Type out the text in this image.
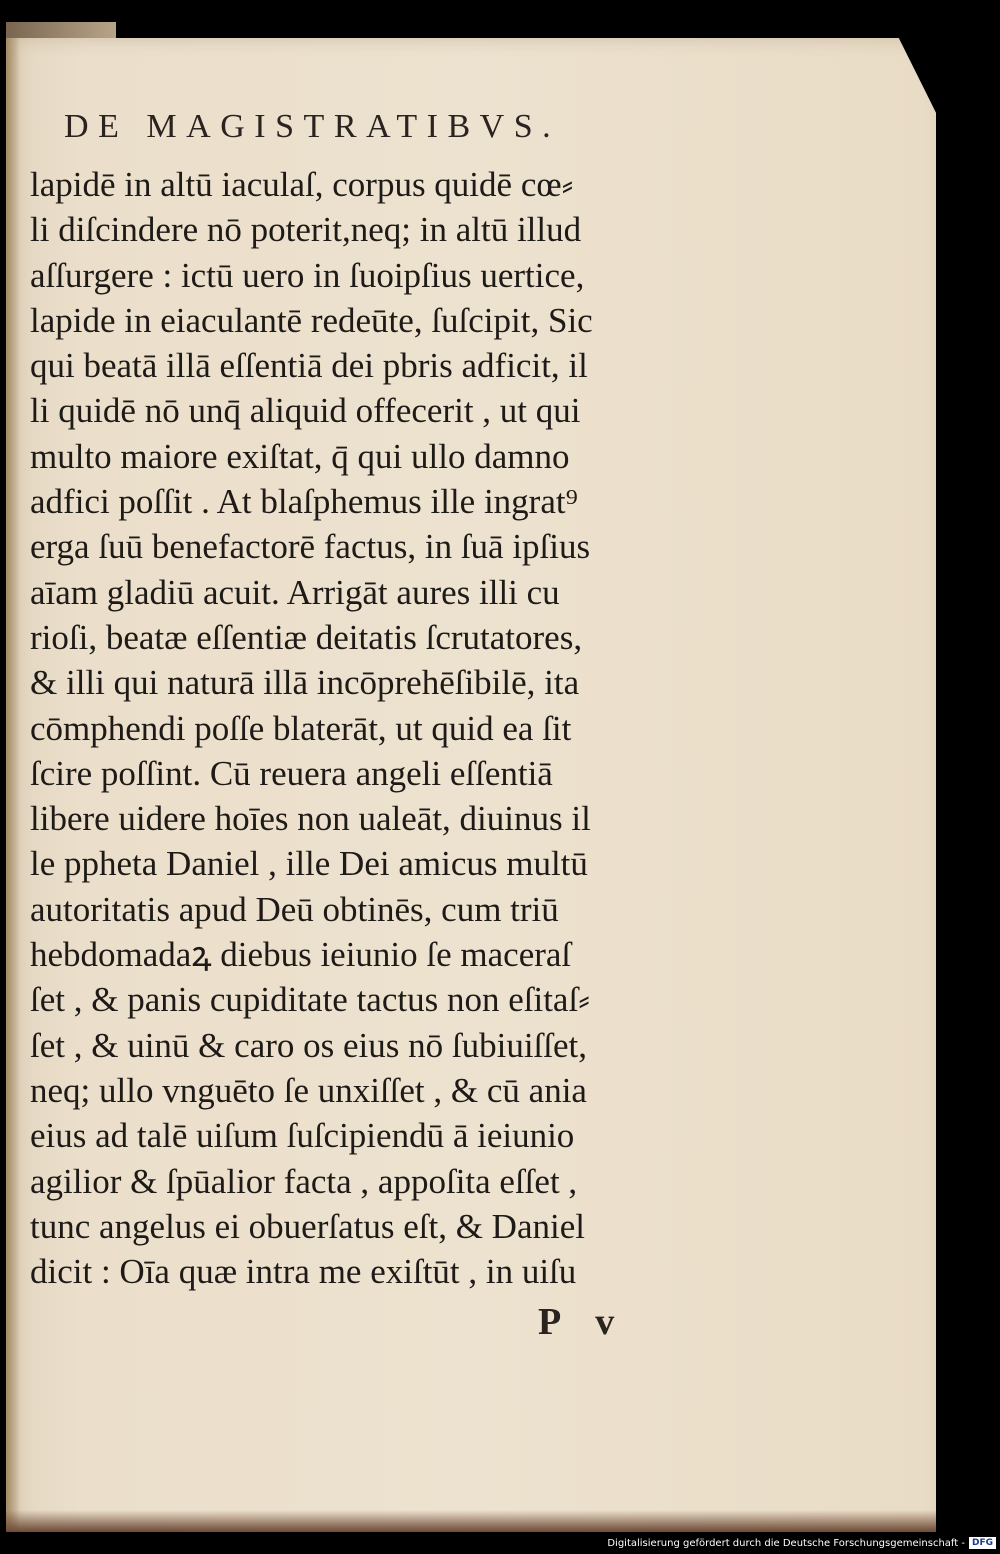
DE MAGISTRATIBVS.
lapidē in altū iaculaſ, corpus quidē cœ⸗
li diſcindere nō poterit,neq; in altū illud
aſſurgere : ictū uero in ſuoipſius uertice,
lapide in eiaculantē redeūte, ſuſcipit, Sic
qui beatā illā eſſentiā dei pbris adficit, il
li quidē nō unq̄ aliquid offecerit , ut qui
multo maiore exiſtat, q̄ qui ullo damno
adfici poſſit . At blaſphemus ille ingrat⁹
erga ſuū benefactorē factus, in ſuā ipſius
aīam gladiū acuit. Arrigāt aures illi cu
rioſi, beatæ eſſentiæ deitatis ſcrutatores,
& illi qui naturā illā incōprehēſibilē, ita
cōmphendi poſſe blaterāt, ut quid ea ſit
ſcire poſſint. Cū reuera angeli eſſentiā
libere uidere hoīes non ualeāt, diuinus il
le ppheta Daniel , ille Dei amicus multū
autoritatis apud Deū obtinēs, cum triū
hebdomadaꝝ diebus ieiunio ſe maceraſ
ſet , & panis cupiditate tactus non eſitaſ⸗
ſet , & uinū & caro os eius nō ſubiuiſſet,
neq; ullo vnguēto ſe unxiſſet , & cū ania
eius ad talē uiſum ſuſcipiendū ā ieiunio
agilior & ſpūalior facta , appoſita eſſet ,
tunc angelus ei obuerſatus eſt, & Daniel
dicit : Oīa quæ intra me exiſtūt , in uiſu
P v
Digitalisierung gefördert durch die Deutsche Forschungsgemeinschaft - DFG
